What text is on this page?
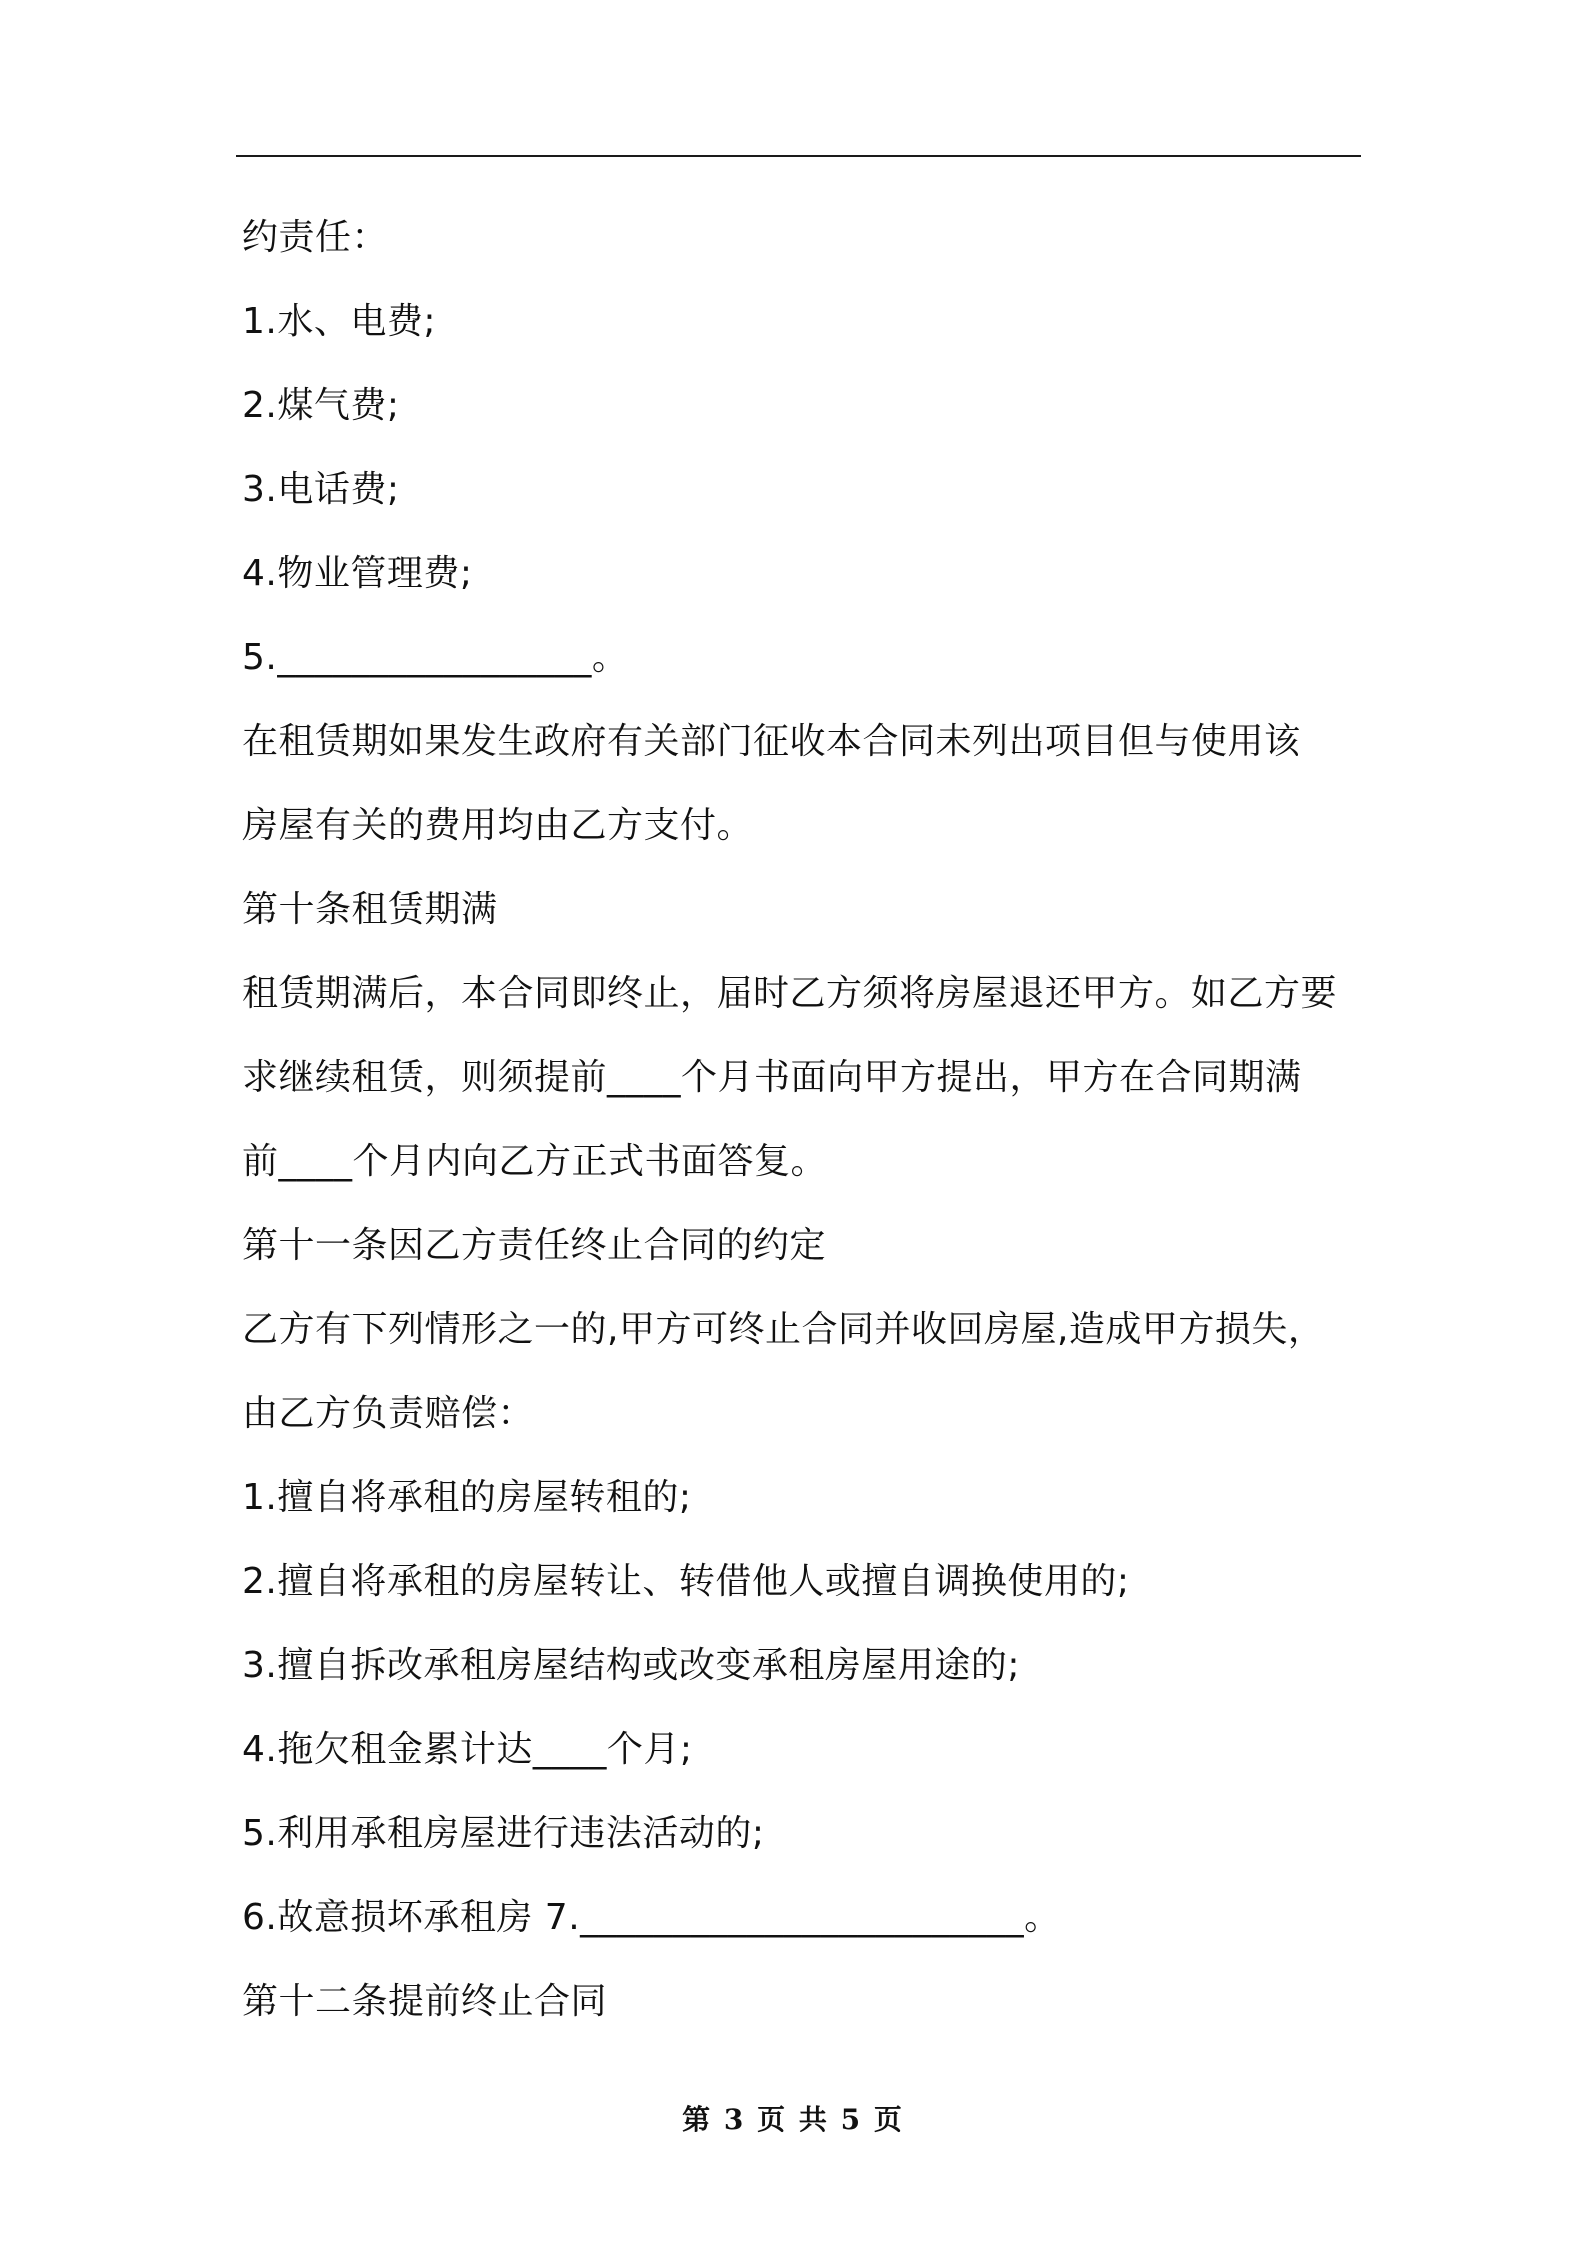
约责任：
1.水、电费;
2.煤气费;
3.电话费;
4.物业管理费;
5._________________。
在租赁期如果发生政府有关部门征收本合同未列出项目但与使用该
房屋有关的费用均由乙方支付。
第十条租赁期满
租赁期满后，本合同即终止，届时乙方须将房屋退还甲方。如乙方要
求继续租赁，则须提前____个月书面向甲方提出，甲方在合同期满
前____个月内向乙方正式书面答复。
第十一条因乙方责任终止合同的约定
乙方有下列情形之一的,甲方可终止合同并收回房屋,造成甲方损失，
由乙方负责赔偿：
1.擅自将承租的房屋转租的;
2.擅自将承租的房屋转让、转借他人或擅自调换使用的;
3.擅自拆改承租房屋结构或改变承租房屋用途的;
4.拖欠租金累计达____个月;
5.利用承租房屋进行违法活动的;
6.故意损坏承租房 7.________________________。
第十二条提前终止合同
第 3 页 共 5 页
